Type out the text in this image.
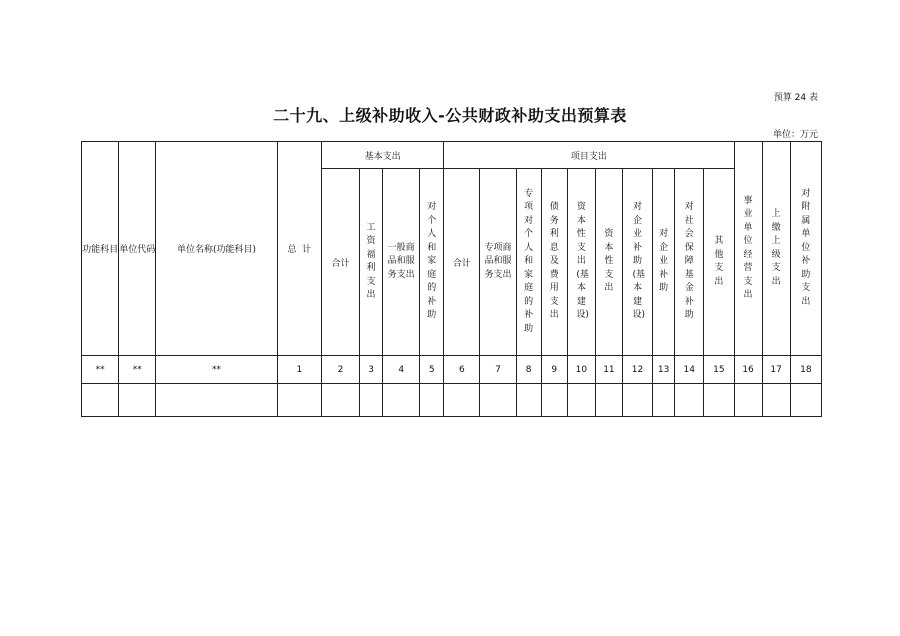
预算 24 表
二十九、上级补助收入-公共财政补助支出预算表
单位：万元
功能科目	单位代码	单位名称(功能科目)	总  计	基本支出				项目支出										事业单位经营支出	上缴上级支出	对附属单位补助支出
				合计	工资福利支出	一般商品和服务支出	对个人和家庭的补助	合计	专项商品和服务支出	专项对个人和家庭的补助	债务利息及费用支出	资本性支出(基本建设)	资本性支出	对企业补助(基本建设)	对企业补助	对社会保障基金补助	其他支出			
**	**	**	1	2	3	4	5	6	7	8	9	10	11	12	13	14	15	16	17	18
